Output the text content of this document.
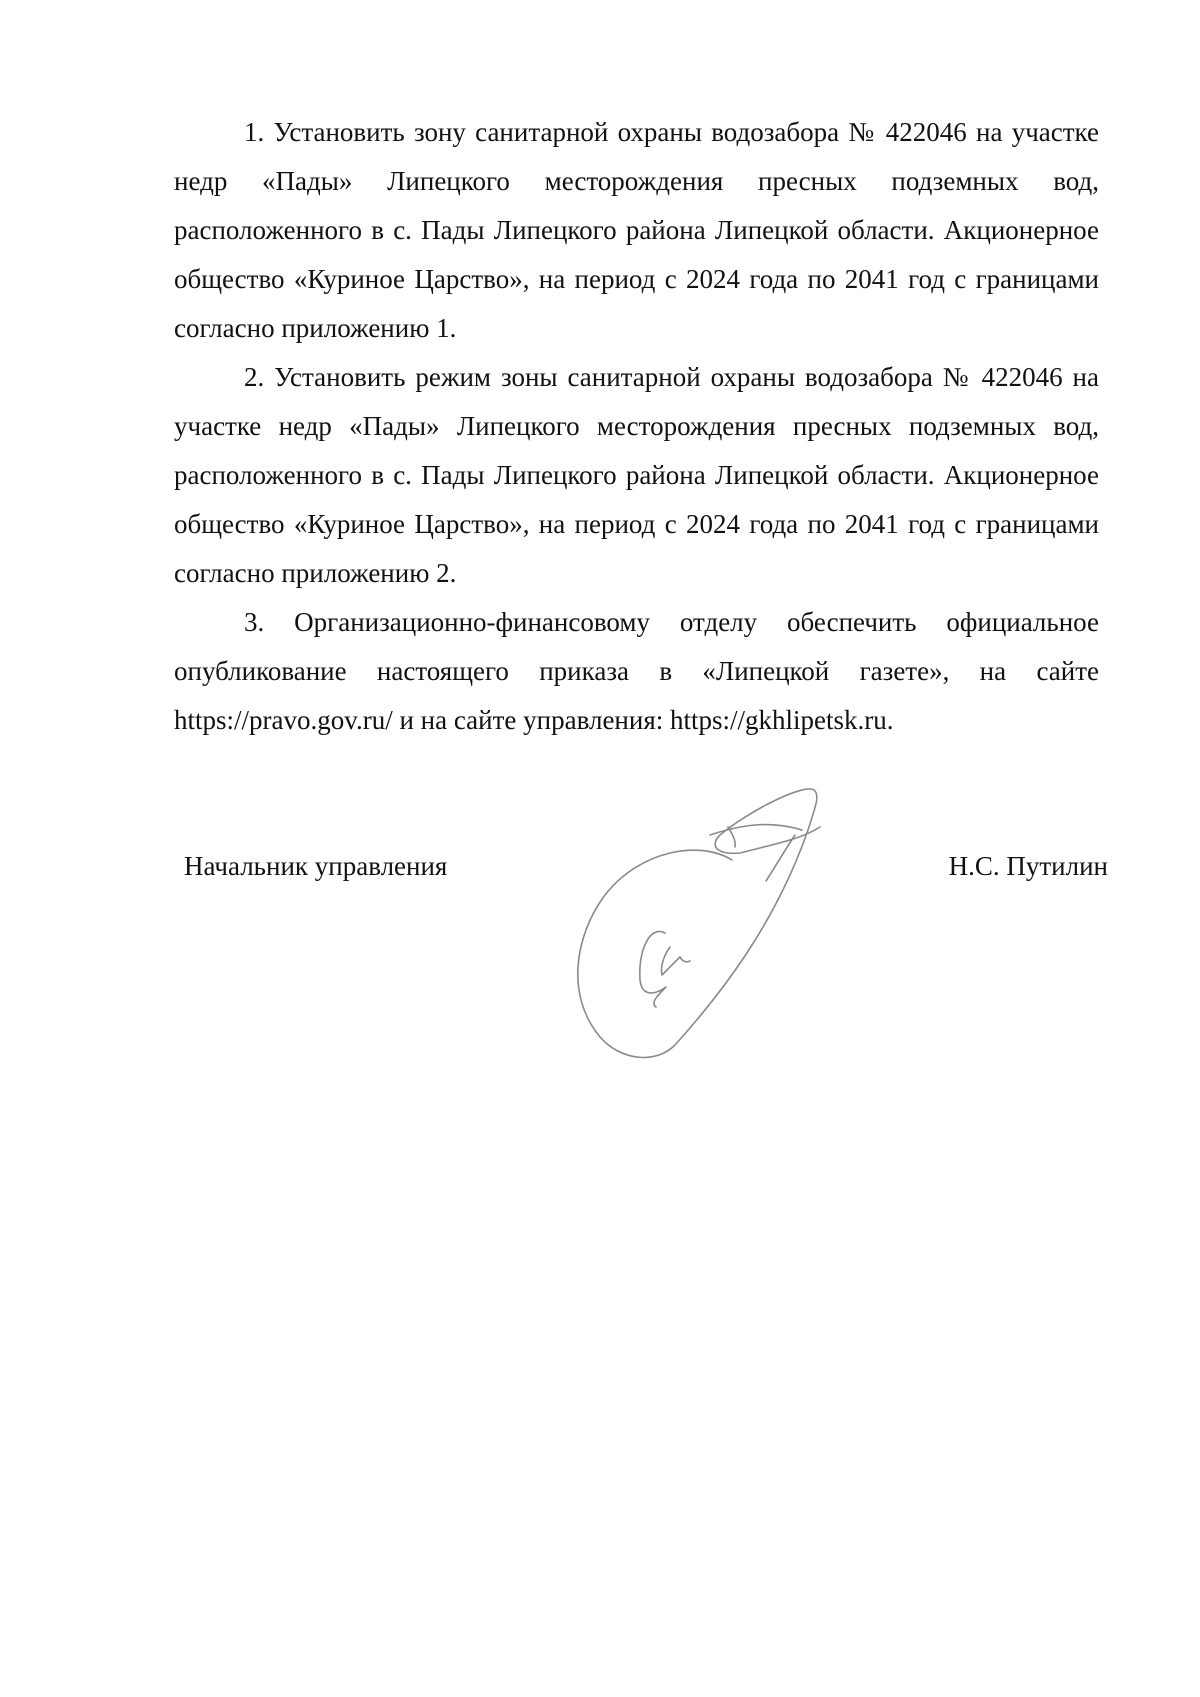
1. Установить зону санитарной охраны водозабора № 422046 на участке недр «Пады» Липецкого месторождения пресных подземных вод, расположенного в с. Пады Липецкого района Липецкой области. Акционерное общество «Куриное Царство», на период с 2024 года по 2041 год с границами согласно приложению 1.

2. Установить режим зоны санитарной охраны водозабора № 422046 на участке недр «Пады» Липецкого месторождения пресных подземных вод, расположенного в с. Пады Липецкого района Липецкой области. Акционерное общество «Куриное Царство», на период с 2024 года по 2041 год с границами согласно приложению 2.

3. Организационно-финансовому отделу обеспечить официальное опубликование настоящего приказа в «Липецкой газете», на сайте https://pravo.gov.ru/ и на сайте управления: https://gkhlipetsk.ru.

Начальник управления	Н.С. Путилин
